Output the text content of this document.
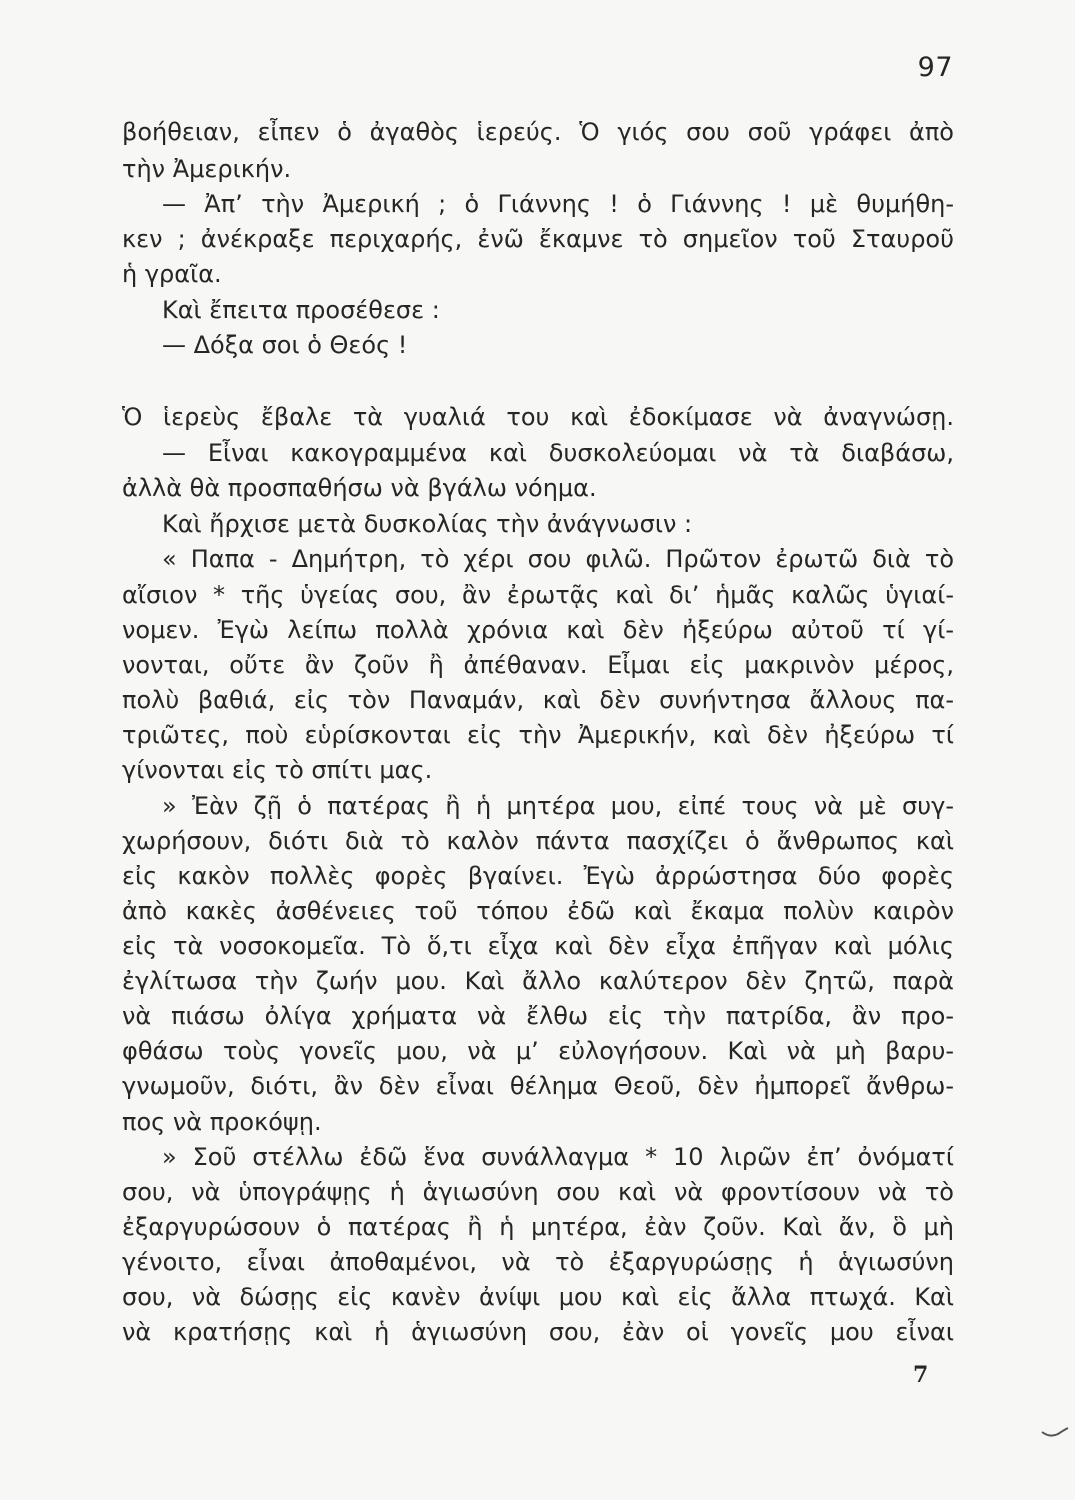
97
βοήθειαν, εἶπεν ὁ ἀγαθὸς ἱερεύς. Ὁ γιός σου σοῦ γράφει ἀπὸ
τὴν Ἀμερικήν.
— Ἀπ’ τὴν Ἀμερική ; ὁ Γιάννης ! ὁ Γιάννης ! μὲ θυμήθη-
κεν ; ἀνέκραξε περιχαρής, ἐνῶ ἔκαμνε τὸ σημεῖον τοῦ Σταυροῦ
ἡ γραῖα.
Καὶ ἔπειτα προσέθεσε :
— Δόξα σοι ὁ Θεός !
Ὁ ἱερεὺς ἔβαλε τὰ γυαλιά του καὶ ἐδοκίμασε νὰ ἀναγνώσῃ.
— Εἶναι κακογραμμένα καὶ δυσκολεύομαι νὰ τὰ διαβάσω,
ἀλλὰ θὰ προσπαθήσω νὰ βγάλω νόημα.
Καὶ ἤρχισε μετὰ δυσκολίας τὴν ἀνάγνωσιν :
« Παπα - Δημήτρη, τὸ χέρι σου φιλῶ. Πρῶτον ἐρωτῶ διὰ τὸ
αἴσιον * τῆς ὑγείας σου, ἂν ἐρωτᾷς καὶ δι’ ἡμᾶς καλῶς ὑγιαί-
νομεν. Ἐγὼ λείπω πολλὰ χρόνια καὶ δὲν ἠξεύρω αὐτοῦ τί γί-
νονται, οὔτε ἂν ζοῦν ἢ ἀπέθαναν. Εἶμαι εἰς μακρινὸν μέρος,
πολὺ βαθιά, εἰς τὸν Παναμάν, καὶ δὲν συνήντησα ἄλλους πα-
τριῶτες, ποὺ εὑρίσκονται εἰς τὴν Ἀμερικήν, καὶ δὲν ἠξεύρω τί
γίνονται εἰς τὸ σπίτι μας.
» Ἐὰν ζῇ ὁ πατέρας ἢ ἡ μητέρα μου, εἰπέ τους νὰ μὲ συγ-
χωρήσουν, διότι διὰ τὸ καλὸν πάντα πασχίζει ὁ ἄνθρωπος καὶ
εἰς κακὸν πολλὲς φορὲς βγαίνει. Ἐγὼ ἀρρώστησα δύο φορὲς
ἀπὸ κακὲς ἀσθένειες τοῦ τόπου ἐδῶ καὶ ἔκαμα πολὺν καιρὸν
εἰς τὰ νοσοκομεῖα. Τὸ ὅ,τι εἶχα καὶ δὲν εἶχα ἐπῆγαν καὶ μόλις
ἐγλίτωσα τὴν ζωήν μου. Καὶ ἄλλο καλύτερον δὲν ζητῶ, παρὰ
νὰ πιάσω ὀλίγα χρήματα νὰ ἔλθω εἰς τὴν πατρίδα, ἂν προ-
φθάσω τοὺς γονεῖς μου, νὰ μ’ εὐλογήσουν. Καὶ νὰ μὴ βαρυ-
γνωμοῦν, διότι, ἂν δὲν εἶναι θέλημα Θεοῦ, δὲν ἠμπορεῖ ἄνθρω-
πος νὰ προκόψῃ.
» Σοῦ στέλλω ἐδῶ ἕνα συνάλλαγμα * 10 λιρῶν ἐπ’ ὀνόματί
σου, νὰ ὑπογράψῃς ἡ ἁγιωσύνη σου καὶ νὰ φροντίσουν νὰ τὸ
ἐξαργυρώσουν ὁ πατέρας ἢ ἡ μητέρα, ἐὰν ζοῦν. Καὶ ἄν, ὃ μὴ
γένοιτο, εἶναι ἀποθαμένοι, νὰ τὸ ἐξαργυρώσῃς ἡ ἁγιωσύνη
σου, νὰ δώσῃς εἰς κανὲν ἀνίψι μου καὶ εἰς ἄλλα πτωχά. Καὶ
νὰ κρατήσῃς καὶ ἡ ἁγιωσύνη σου, ἐὰν οἱ γονεῖς μου εἶναι
7
